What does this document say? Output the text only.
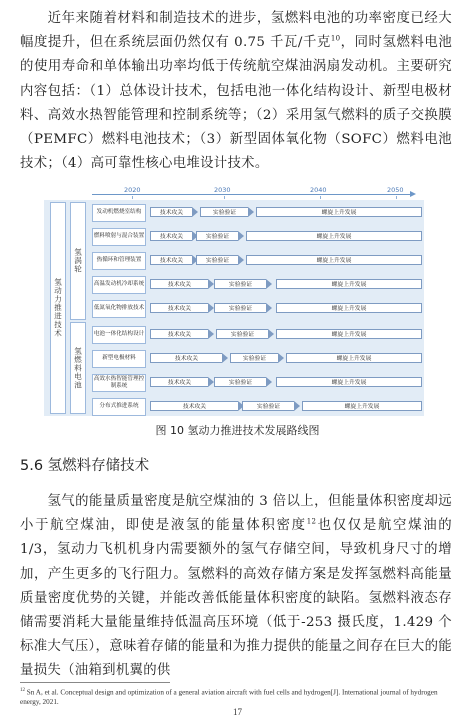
  近年来随着材料和制造技术的进步，氢燃料电池的功率密度已经大幅度提升，但在系统层面仍然仅有 0.75 千瓦/千克$^{10}$，同时氢燃料电池的使用寿命和单体输出功率均低于传统航空煤油涡扇发动机。主要研究内容包括：（1）总体设计技术，包括电池一体化结构设计、新型电极材料、高效水热智能管理和控制系统等；（2）采用氢气燃料的质子交换膜（PEMFC）燃料电池技术；（3）新型固体氧化物（SOFC）燃料电池技术；（4）高可靠性核心电堆设计技术。
2020	2030	2040	2050
氢动力推进技术
氢涡轮
氢燃料电池
发动机燃烧室结构	技术攻关	实验验证	螺旋上升发展
燃料喷射与混合装置	技术攻关	实验验证	螺旋上升发展
热循环和管理装置	技术攻关	实验验证	螺旋上升发展
高温发动机冷却系统	技术攻关	实验验证	螺旋上升发展
低氮氧化物排放技术	技术攻关	实验验证	螺旋上升发展
电池一体化结构设计	技术攻关	实验验证	螺旋上升发展
新型电极材料	技术攻关	实验验证	螺旋上升发展
高效水热智能管理控制系统	技术攻关	实验验证	螺旋上升发展
分布式推进系统	技术攻关	实验验证	螺旋上升发展
图 10 氢动力推进技术发展路线图
5.6 氢燃料存储技术
  氢气的能量质量密度是航空煤油的 3 倍以上，但能量体积密度却远小于航空煤油，即使是液氢的能量体积密度$^{12}$也仅仅是航空煤油的 1/3，氢动力飞机机身内需要额外的氢气存储空间，导致机身尺寸的增加，产生更多的飞行阻力。氢燃料的高效存储方案是发挥氢燃料高能量质量密度优势的关键，并能改善低能量体积密度的缺陷。氢燃料液态存储需要消耗大量能量维持低温高压环境（低于-253 摄氏度，1.429 个标准大气压），意味着存储的能量和为推力提供的能量之间存在巨大的能量损失（油箱到机翼的供
$^{12}$ Sn A, et al. Conceptual design and optimization of a general aviation aircraft with fuel cells and hydrogen[J]. International journal of hydrogen energy, 2021.
17
